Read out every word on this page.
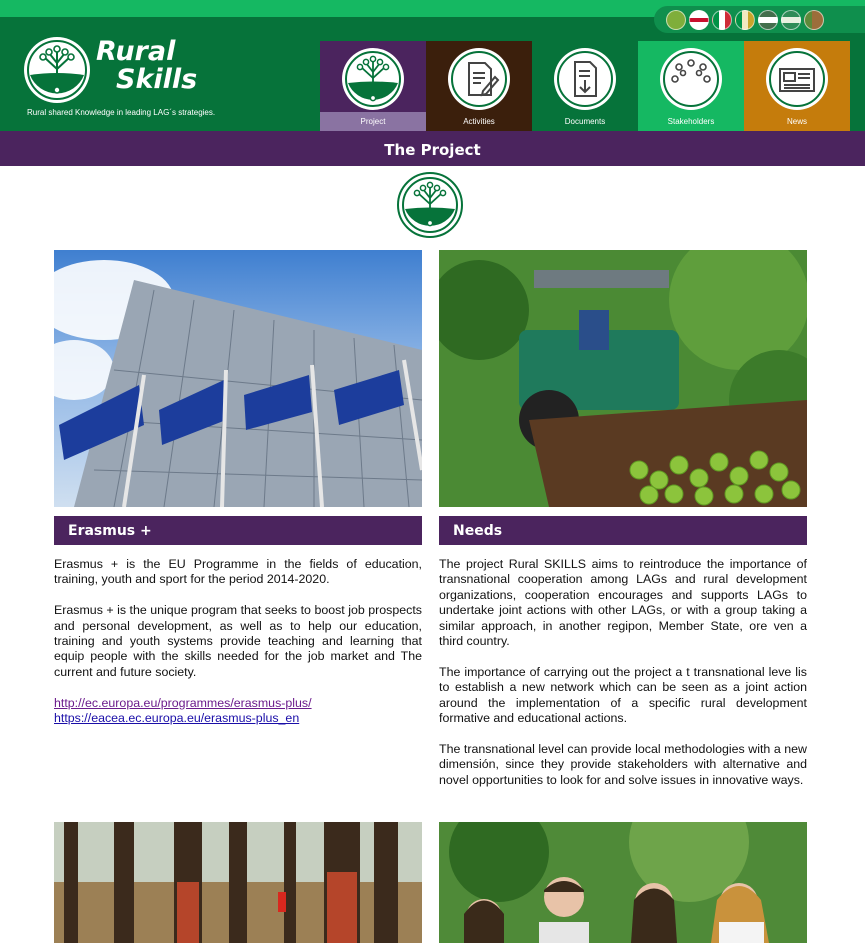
Rural
Skills
Rural shared Knowledge in leading LAG´s strategies.
Project	Activities	Documents	Stakeholders	News
The Project
Erasmus +	Needs

Erasmus + is the EU Programme in the fields of education, training, youth and sport for the period 2014-2020.

Erasmus + is the unique program that seeks to boost job prospects and personal development, as well as to help our education, training and youth systems provide teaching and learning that equip people with the skills needed for the job market and The current and future society.

http://ec.europa.eu/programmes/erasmus-plus/
https://eacea.ec.europa.eu/erasmus-plus_en

The project Rural SKILLS aims to reintroduce the importance of transnational cooperation among LAGs and rural development organizations, cooperation encourages and supports LAGs to undertake joint actions with other LAGs, or with a group taking a similar approach, in another regipon, Member State, ore ven a third country.

The importance of carrying out the project a t transnational leve lis to establish a new network which can be seen as a joint action around the implementation of a specific rural development formative and educational actions.

The transnational level can provide local methodologies with a new dimensión, since they provide stakeholders with alternative and novel opportunities to look for and solve issues in innovative ways.
